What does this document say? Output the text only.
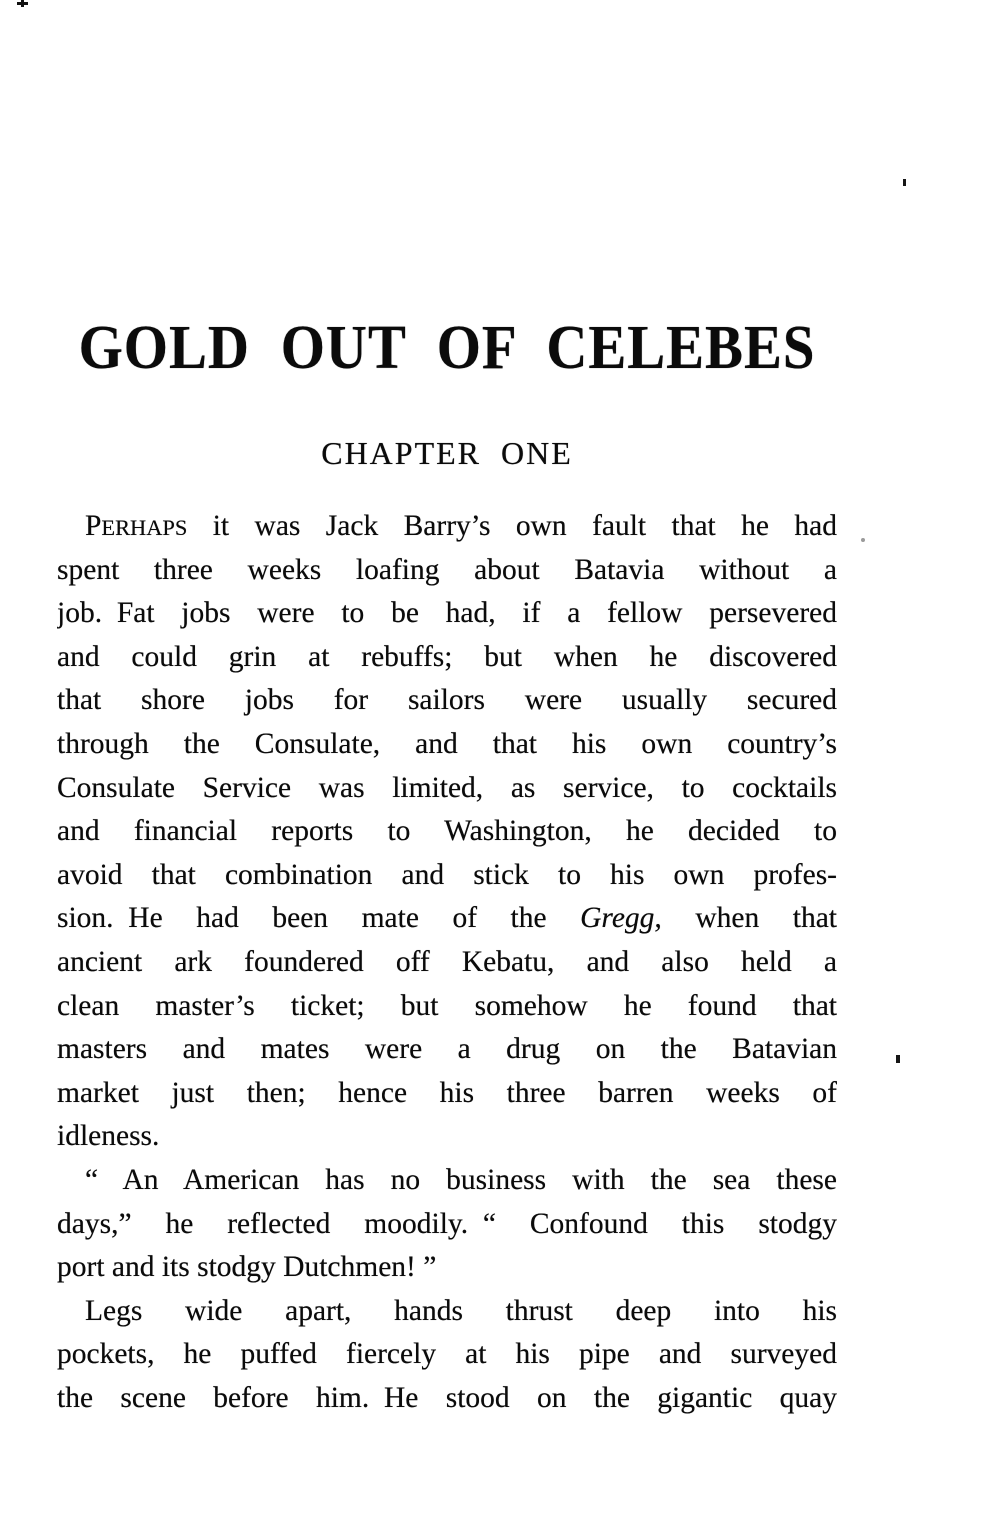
GOLD OUT OF CELEBES
CHAPTER ONE
PERHAPS it was Jack Barry’s own fault that he had
spent three weeks loafing about Batavia without a
job. Fat jobs were to be had, if a fellow persevered
and could grin at rebuffs; but when he discovered
that shore jobs for sailors were usually secured
through the Consulate, and that his own country’s
Consulate Service was limited, as service, to cocktails
and financial reports to Washington, he decided to
avoid that combination and stick to his own profes-
sion. He had been mate of the Gregg, when that
ancient ark foundered off Kebatu, and also held a
clean master’s ticket; but somehow he found that
masters and mates were a drug on the Batavian
market just then; hence his three barren weeks of
idleness.
“ An American has no business with the sea these
days,” he reflected moodily. “ Confound this stodgy
port and its stodgy Dutchmen! ”
Legs wide apart, hands thrust deep into his
pockets, he puffed fiercely at his pipe and surveyed
the scene before him. He stood on the gigantic quay
